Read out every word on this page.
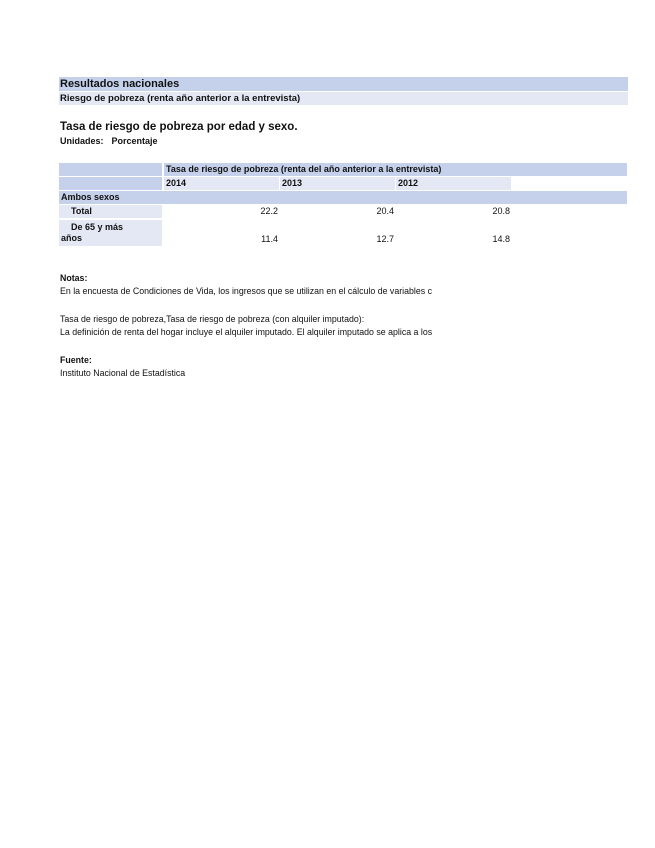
Resultados nacionales
Riesgo de pobreza (renta año anterior a la entrevista)
Tasa de riesgo de pobreza por edad y sexo.
Unidades: Porcentaje
Tasa de riesgo de pobreza (renta del año anterior a la entrevista)
2014	2013	2012
Ambos sexos
Total	22.2	20.4	20.8
De 65 y más
años	11.4	12.7	14.8
Notas:
En la encuesta de Condiciones de Vida, los ingresos que se utilizan en el cálculo de variables c
Tasa de riesgo de pobreza,Tasa de riesgo de pobreza (con alquiler imputado):
La definición de renta del hogar incluye el alquiler imputado. El alquiler imputado se aplica a los
Fuente:
Instituto Nacional de Estadística
